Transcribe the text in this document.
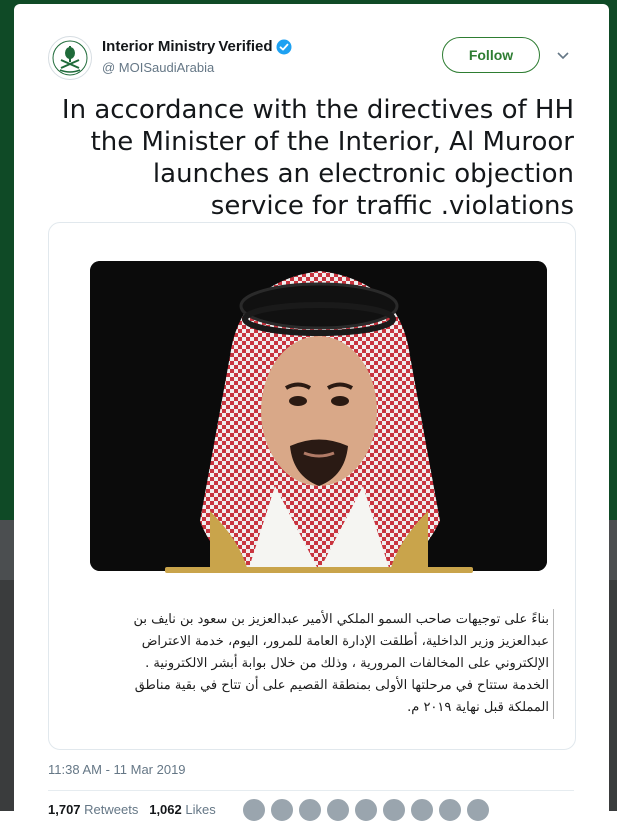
Interior Ministry Verified
@ MOISaudiArabia
Follow
In accordance with the directives of HH the Minister of the Interior, Al Muroor launches an electronic objection service for traffic .violations
بناءً على توجيهات صاحب السمو الملكي الأمير عبدالعزيز بن سعود بن نايف بن
عبدالعزيز وزير الداخلية، أطلقت الإدارة العامة للمرور، اليوم، خدمة الاعتراض
الإلكتروني على المخالفات المرورية ، وذلك من خلال بوابة أبشر الالكترونية .
الخدمة ستتاح في مرحلتها الأولى بمنطقة القصيم على أن تتاح في بقية مناطق
المملكة قبل نهاية ٢٠١٩ م.
11:38 AM - 11 Mar 2019
1,707 Retweets 1,062 Likes
